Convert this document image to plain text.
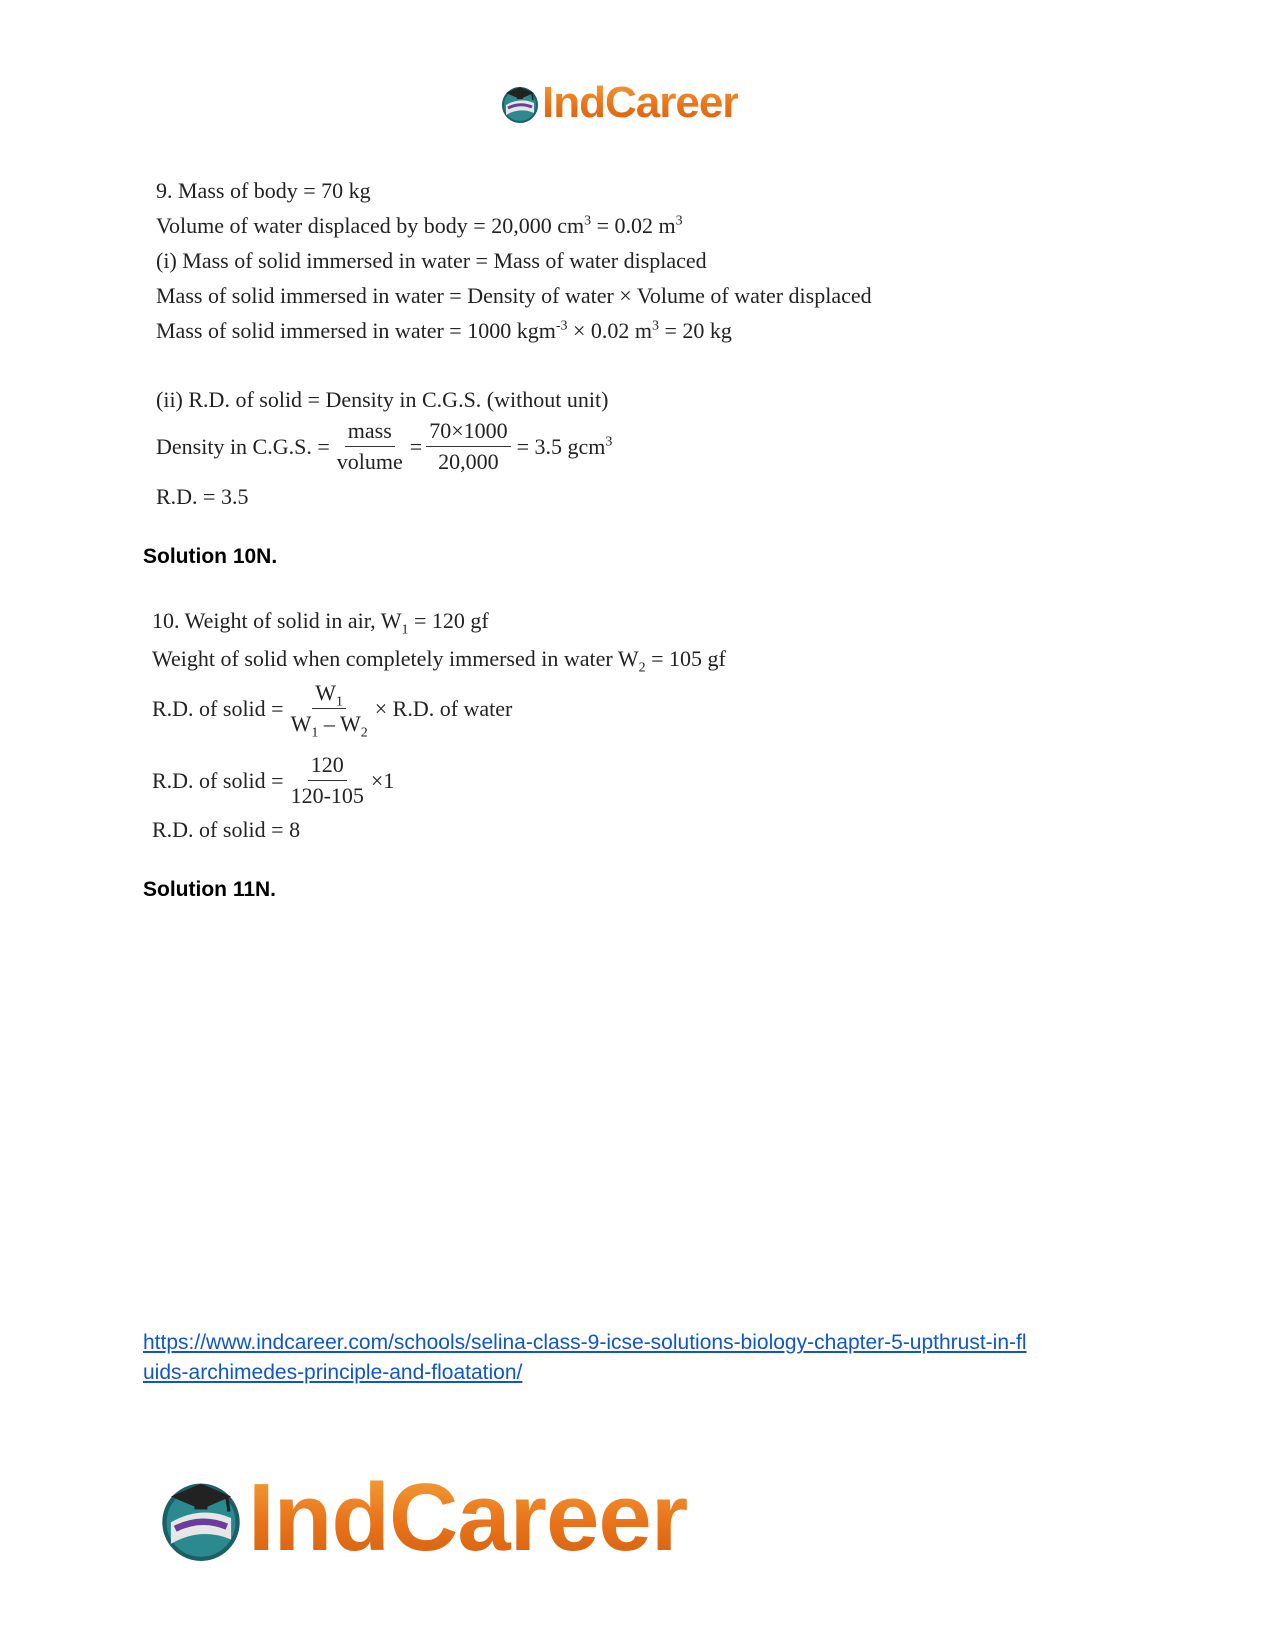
IndCareer
9. Mass of body = 70 kg
Volume of water displaced by body = 20,000 $cm^3 = 0.02$ $m^3$
(i) Mass of solid immersed in water = Mass of water displaced
Mass of solid immersed in water = Density of water × Volume of water displaced
Mass of solid immersed in water = 1000 kgm$^{-3}$ × 0.02 $m^3 = 20$ kg
(ii) R.D. of solid = Density in C.G.S. (without unit)
Density in C.G.S. = $\frac{\text{mass}}{\text{volume}} = \frac{70\times 1000}{20,000} = 3.5$ gcm$^3$
R.D. = 3.5
Solution 10N.
10. Weight of solid in air, $W_1 = 120$ gf
Weight of solid when completely immersed in water $W_2 = 105$ gf
R.D. of solid = $\frac{W_1}{W_1 - W_2} \times R.D$. of water
R.D. of solid = $\frac{120}{120-105} \times 1$
R.D. of solid = 8
Solution 11N.
https://www.indcareer.com/schools/selina-class-9-icse-solutions-biology-chapter-5-upthrust-in-fl
uids-archimedes-principle-and-floatation/
IndCareer
